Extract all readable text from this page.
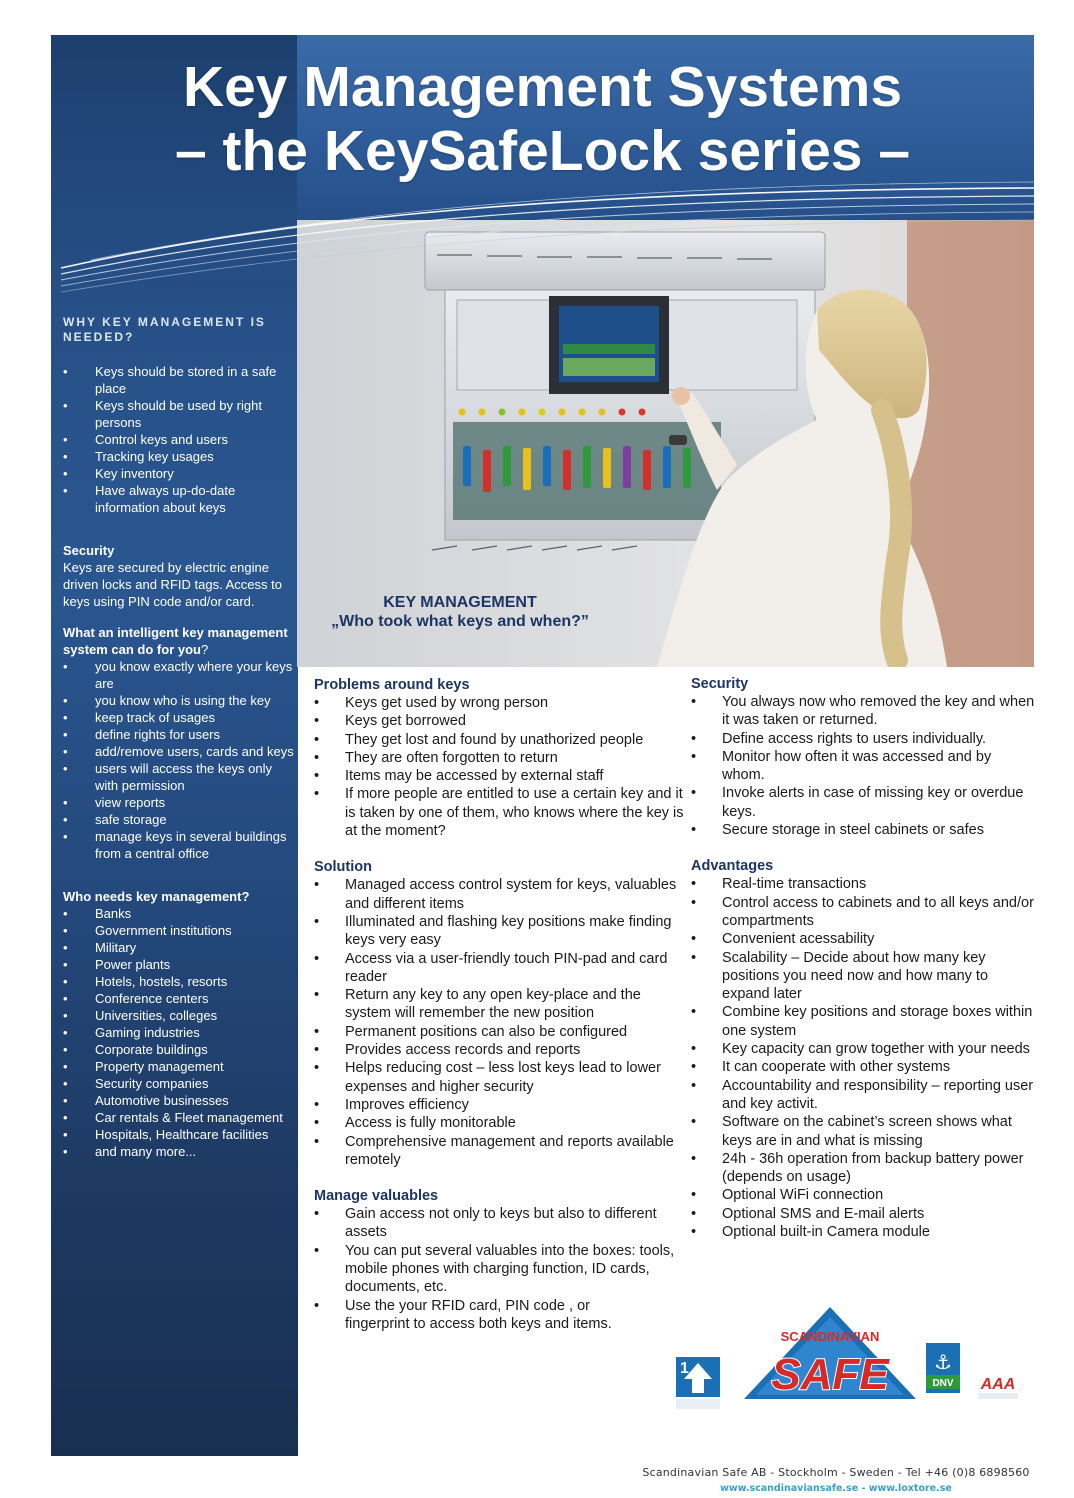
Key Management Systems
– the KeySafeLock series –
KEY MANAGEMENT
„Who took what keys and when?”
WHY KEY MANAGEMENT IS NEEDED?
• Keys should be stored in a safe place
• Keys should be used by right persons
• Control keys and users
• Tracking key usages
• Key inventory
• Have always up-do-date information about keys
Security
Keys are secured by electric engine driven locks and RFID tags. Access to keys using PIN code and/or card.
What an intelligent key management system can do for you?
• you know exactly where your keys are
• you know who is using the key
• keep track of usages
• define rights for users
• add/remove users, cards and keys
• users will access the keys only with permission
• view reports
• safe storage
• manage keys in several buildings from a central office
Who needs key management?
• Banks
• Government institutions
• Military
• Power plants
• Hotels, hostels, resorts
• Conference centers
• Universities, colleges
• Gaming industries
• Corporate buildings
• Property management
• Security companies
• Automotive businesses
• Car rentals & Fleet management
• Hospitals, Healthcare facilities
• and many more...
Problems around keys
• Keys get used by wrong person
• Keys get borrowed
• They get lost and found by unathorized people
• They are often forgotten to return
• Items may be accessed by external staff
• If more people are entitled to use a certain key and it is taken by one of them, who knows where the key is at the moment?
Solution
• Managed access control system for keys, valuables and different items
• Illuminated and flashing key positions make finding keys very easy
• Access via a user-friendly touch PIN-pad and card reader
• Return any key to any open key-place and the system will remember the new position
• Permanent positions can also be configured
• Provides access records and reports
• Helps reducing cost – less lost keys lead to lower expenses and higher security
• Improves efficiency
• Access is fully monitorable
• Comprehensive management and reports available remotely
Manage valuables
• Gain access not only to keys but also to different assets
• You can put several valuables into the boxes: tools, mobile phones with charging function, ID cards, documents, etc.
• Use the your RFID card, PIN code , or fingerprint to access both keys and items.
Security
• You always now who removed the key and when it was taken or returned.
• Define access rights to users individually.
• Monitor how often it was accessed and by whom.
• Invoke alerts in case of missing key or overdue keys.
• Secure storage in steel cabinets or safes
Advantages
• Real-time transactions
• Control access to cabinets and to all keys and/or compartments
• Convenient acessability
• Scalability – Decide about how many key positions you need now and how many to expand later
• Combine key positions and storage boxes within one system
• Key capacity can grow together with your needs
• It can cooperate with other systems
• Accountability and responsibility – reporting user and key activit.
• Software on the cabinet’s screen shows what keys are in and what is missing
• 24h - 36h operation from backup battery power (depends on usage)
• Optional WiFi connection
• Optional SMS and E-mail alerts
• Optional built-in Camera module
1
SCANDINAVIAN
SAFE ⚓
DNV AAA
Scandinavian Safe AB - Stockholm - Sweden - Tel +46 (0)8 6898560
www.scandinaviansafe.se - www.loxtore.se
